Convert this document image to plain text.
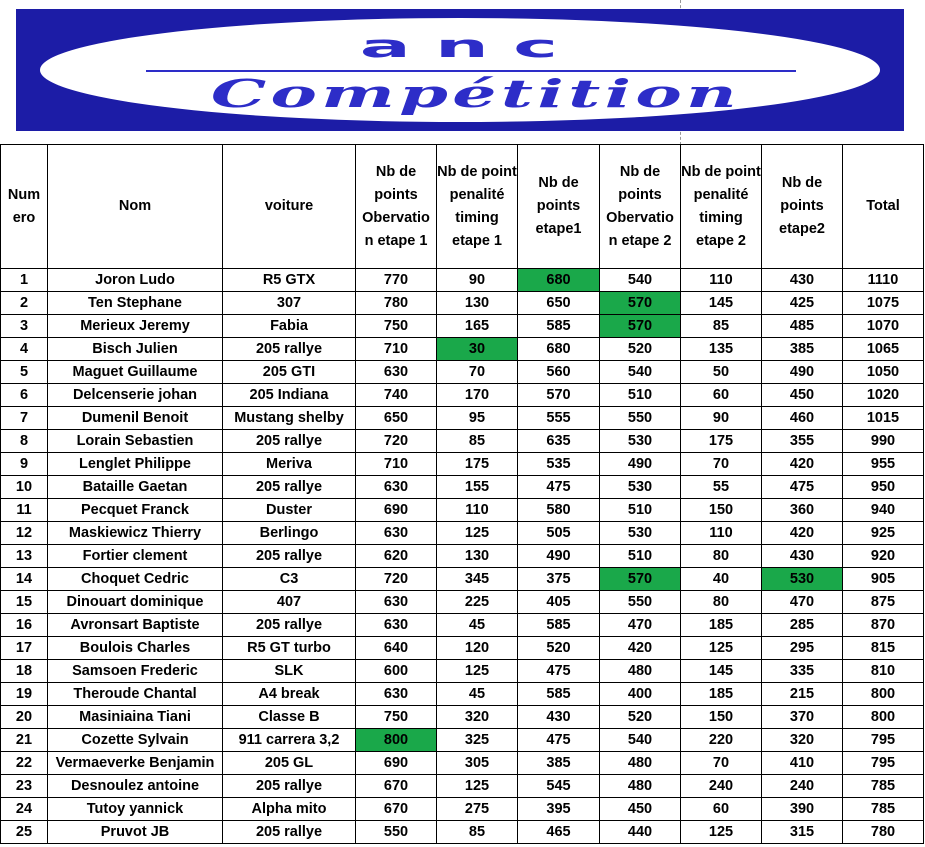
anc
Compétition
Num
ero	Nom	voiture	Nb de points Obervatio n etape 1	Nb de point penalité timing etape 1	Nb de points etape1	Nb de points Obervatio n etape 2	Nb de point penalité timing etape 2	Nb de points etape2	Total
1	Joron Ludo	R5 GTX	770	90	680	540	110	430	1110
2	Ten Stephane	307	780	130	650	570	145	425	1075
3	Merieux Jeremy	Fabia	750	165	585	570	85	485	1070
4	Bisch Julien	205 rallye	710	30	680	520	135	385	1065
5	Maguet Guillaume	205 GTI	630	70	560	540	50	490	1050
6	Delcenserie johan	205 Indiana	740	170	570	510	60	450	1020
7	Dumenil Benoit	Mustang shelby	650	95	555	550	90	460	1015
8	Lorain Sebastien	205 rallye	720	85	635	530	175	355	990
9	Lenglet Philippe	Meriva	710	175	535	490	70	420	955
10	Bataille Gaetan	205 rallye	630	155	475	530	55	475	950
11	Pecquet Franck	Duster	690	110	580	510	150	360	940
12	Maskiewicz Thierry	Berlingo	630	125	505	530	110	420	925
13	Fortier clement	205 rallye	620	130	490	510	80	430	920
14	Choquet Cedric	C3	720	345	375	570	40	530	905
15	Dinouart dominique	407	630	225	405	550	80	470	875
16	Avronsart Baptiste	205 rallye	630	45	585	470	185	285	870
17	Boulois Charles	R5 GT turbo	640	120	520	420	125	295	815
18	Samsoen Frederic	SLK	600	125	475	480	145	335	810
19	Theroude Chantal	A4 break	630	45	585	400	185	215	800
20	Masiniaina Tiani	Classe B	750	320	430	520	150	370	800
21	Cozette Sylvain	911 carrera 3,2	800	325	475	540	220	320	795
22	Vermaeverke Benjamin	205 GL	690	305	385	480	70	410	795
23	Desnoulez antoine	205 rallye	670	125	545	480	240	240	785
24	Tutoy yannick	Alpha mito	670	275	395	450	60	390	785
25	Pruvot JB	205 rallye	550	85	465	440	125	315	780
